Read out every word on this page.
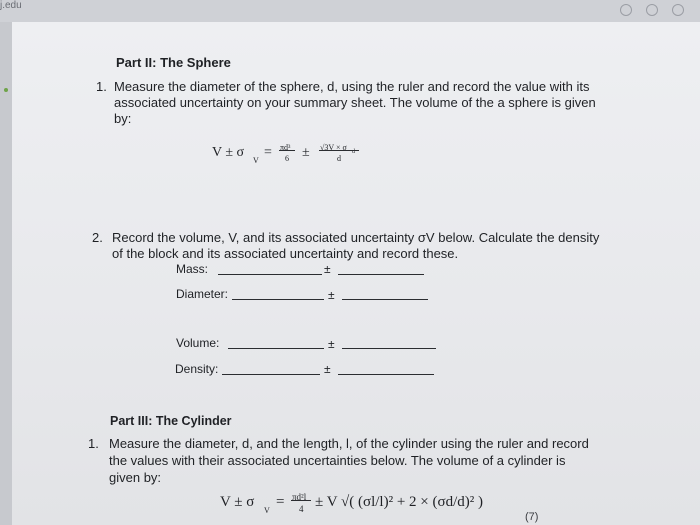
j.edu
Part II: The Sphere
1. Measure the diameter of the sphere, d, using the ruler and record the value with its
associated uncertainty on your summary sheet. The volume of the a sphere is given
by:
V ± σ
V
= πd³
6 ± √3V × σ d
d
2. Record the volume, V, and its associated uncertainty σV below. Calculate the density
of the block and its associated uncertainty and record these.
Mass:	±
Diameter:	±
Volume:	±
Density:	±
Part III: The Cylinder
1. Measure the diameter, d, and the length, l, of the cylinder using the ruler and record
the values with their associated uncertainties below. The volume of a cylinder is
given by:
V ± σ
V
= πd²l
4 ± V √( (σl/l)² + 2 × (σd/d)² )
(7)
